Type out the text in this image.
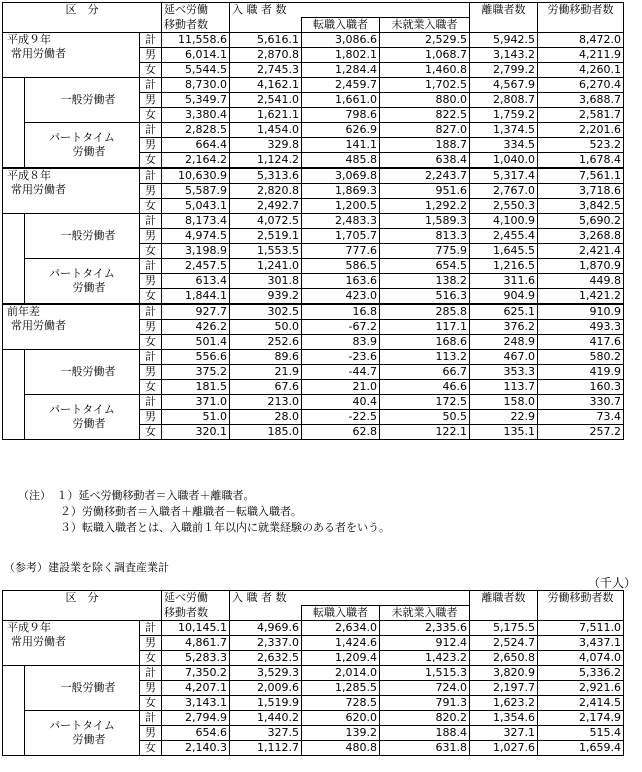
区　分			延べ労働	入 職 者 数			離職者数	労働移動者数
			移動者数		転職入職者	未就業入職者		

平成９年
常用労働者		計	11,558.6	5,616.1	3,086.6	2,529.5	5,942.5	8,472.0
		男	6,014.1	2,870.8	1,802.1	1,068.7	3,143.2	4,211.9
		女	5,544.5	2,745.3	1,284.4	1,460.8	2,799.2	4,260.1

	一般労働者	計	8,730.0	4,162.1	2,459.7	1,702.5	4,567.9	6,270.4
		男	5,349.7	2,541.0	1,661.0	880.0	2,808.7	3,688.7
		女	3,380.4	1,621.1	798.6	822.5	1,759.2	2,581.7

	パートタイム
労働者	計	2,828.5	1,454.0	626.9	827.0	1,374.5	2,201.6
		男	664.4	329.8	141.1	188.7	334.5	523.2
		女	2,164.2	1,124.2	485.8	638.4	1,040.0	1,678.4

平成８年
常用労働者		計	10,630.9	5,313.6	3,069.8	2,243.7	5,317.4	7,561.1
		男	5,587.9	2,820.8	1,869.3	951.6	2,767.0	3,718.6
		女	5,043.1	2,492.7	1,200.5	1,292.2	2,550.3	3,842.5

	一般労働者	計	8,173.4	4,072.5	2,483.3	1,589.3	4,100.9	5,690.2
		男	4,974.5	2,519.1	1,705.7	813.3	2,455.4	3,268.8
		女	3,198.9	1,553.5	777.6	775.9	1,645.5	2,421.4

	パートタイム
労働者	計	2,457.5	1,241.0	586.5	654.5	1,216.5	1,870.9
		男	613.4	301.8	163.6	138.2	311.6	449.8
		女	1,844.1	939.2	423.0	516.3	904.9	1,421.2

前年差
常用労働者		計	927.7	302.5	16.8	285.8	625.1	910.9
		男	426.2	50.0	-67.2	117.1	376.2	493.3
		女	501.4	252.6	83.9	168.6	248.9	417.6

	一般労働者	計	556.6	89.6	-23.6	113.2	467.0	580.2
		男	375.2	21.9	-44.7	66.7	353.3	419.9
		女	181.5	67.6	21.0	46.6	113.7	160.3

	パートタイム
労働者	計	371.0	213.0	40.4	172.5	158.0	330.7
		男	51.0	28.0	-22.5	50.5	22.9	73.4
		女	320.1	185.0	62.8	122.1	135.1	257.2
（注）　１）延べ労働移動者＝入職者＋離職者。
２）労働移動者＝入職者＋離職者－転職入職者。
３）転職入職者とは、入職前１年以内に就業経験のある者をいう。
（参考）建設業を除く調査産業計
（千人）
区　分			延べ労働	入 職 者 数			離職者数	労働移動者数
			移動者数		転職入職者	未就業入職者		

平成９年
常用労働者		計	10,145.1	4,969.6	2,634.0	2,335.6	5,175.5	7,511.0
		男	4,861.7	2,337.0	1,424.6	912.4	2,524.7	3,437.1
		女	5,283.3	2,632.5	1,209.4	1,423.2	2,650.8	4,074.0

	一般労働者	計	7,350.2	3,529.3	2,014.0	1,515.3	3,820.9	5,336.2
		男	4,207.1	2,009.6	1,285.5	724.0	2,197.7	2,921.6
		女	3,143.1	1,519.9	728.5	791.3	1,623.2	2,414.5

	パートタイム
労働者	計	2,794.9	1,440.2	620.0	820.2	1,354.6	2,174.9
		男	654.6	327.5	139.2	188.4	327.1	515.4
		女	2,140.3	1,112.7	480.8	631.8	1,027.6	1,659.4
